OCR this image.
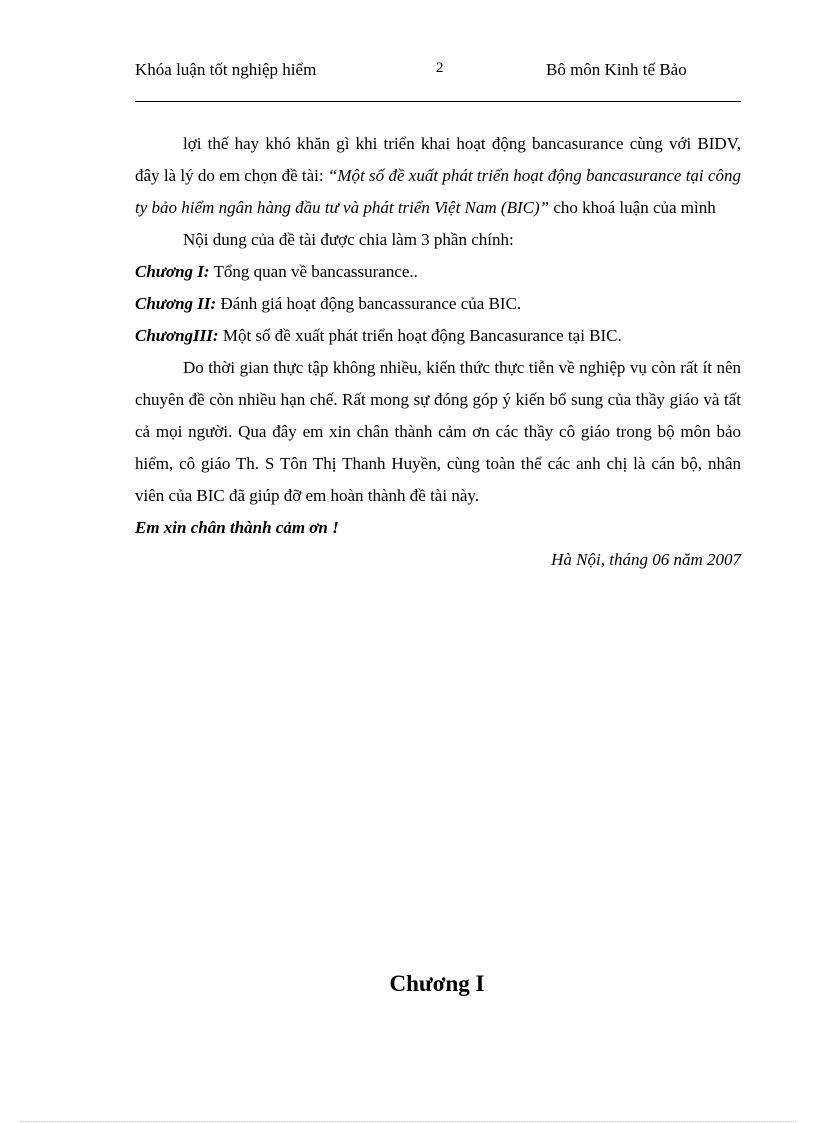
Khóa luận tốt nghiệp hiểm	2	Bô môn Kinh tế Bảo

lợi thế hay khó khăn gì khi triển khai hoạt động bancasurance cùng với BIDV, đây là lý do em chọn đề tài: “Một số đề xuất phát triển hoạt động bancasurance tại công ty bảo hiểm ngân hàng đầu tư và phát triển Việt Nam (BIC)” cho khoá luận của mình

Nội dung của đề tài được chia làm 3 phần chính:

Chương I: Tổng quan về bancassurance..

Chương II: Đánh giá hoạt động bancassurance của BIC.

ChươngIII: Một số đề xuất phát triển hoạt động Bancasurance tại BIC.

Do thời gian thực tập không nhiều, kiến thức thực tiễn về nghiệp vụ còn rất ít nên chuyên đề còn nhiều hạn chế. Rất mong sự đóng góp ý kiến bổ sung của thầy giáo và tất cả mọi người. Qua đây em xin chân thành cảm ơn các thầy cô giáo trong bộ môn bảo hiểm, cô giáo Th. S Tôn Thị Thanh Huyền, cùng toàn thể các anh chị là cán bộ, nhân viên của BIC đã giúp đỡ em hoàn thành đề tài này.

Em xin chân thành cảm ơn !

Hà Nội, tháng 06 năm 2007

Chương I
